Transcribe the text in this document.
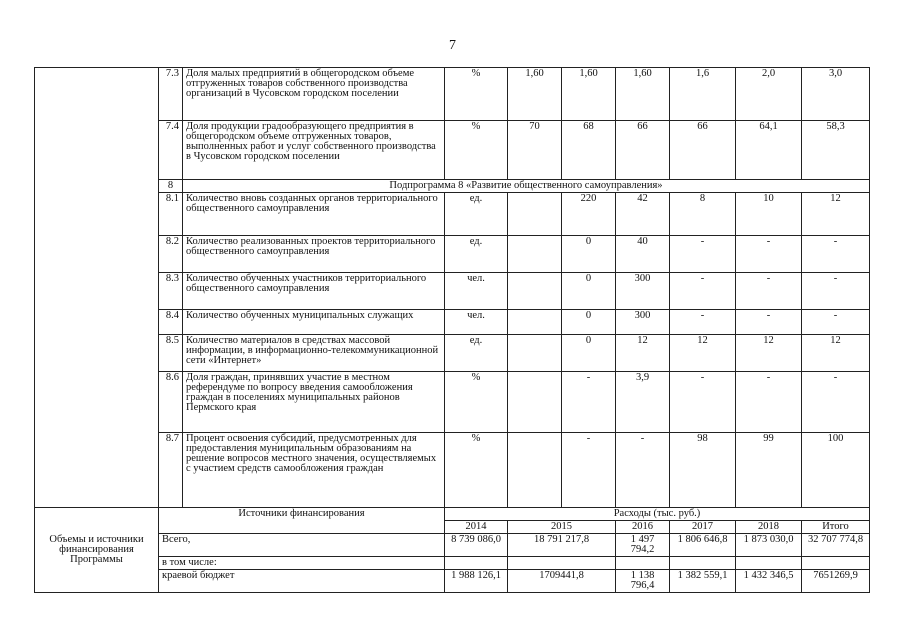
7
	7.3	Доля малых предприятий в общегородском объеме отгруженных товаров собственного производства организаций в Чусовском городском поселении	%	1,60	1,60	1,60	1,6	2,0	3,0
	7.4	Доля продукции градообразующего предприятия в общегородском объеме отгруженных товаров, выполненных работ и услуг собственного производства в Чусовском городском поселении	%	70	68	66	66	64,1	58,3
	8	Подпрограмма 8 «Развитие общественного самоуправления»							
	8.1	Количество вновь созданных органов территориального общественного самоуправления	ед.		220	42	8	10	12
	8.2	Количество реализованных проектов территориального общественного самоуправления	ед.		0	40	-	-	-
	8.3	Количество обученных участников территориального общественного самоуправления	чел.		0	300	-	-	-
	8.4	Количество обученных муниципальных служащих	чел.		0	300	-	-	-
	8.5	Количество материалов в средствах массовой информации, в информационно-телекоммуникационной сети «Интернет»	ед.		0	12	12	12	12
	8.6	Доля граждан, принявших участие в местном референдуме по вопросу введения самообложения граждан в поселениях муниципальных районов Пермского края	%		-	3,9	-	-	-
	8.7	Процент освоения субсидий, предусмотренных для предоставления муниципальным образованиям на решение вопросов местного значения, осуществляемых с участием средств самообложения граждан	%		-	-	98	99	100
Объемы и источники финансирования Программы	Источники финансирования		Расходы (тыс. руб.)						
			2014	2015		2016	2017	2018	Итого
	Всего,		8 739 086,0	18 791 217,8		1 497 794,2	1 806 646,8	1 873 030,0	32 707 774,8
	в том числе:								
	краевой бюджет		1 988 126,1	1709441,8		1 138 796,4	1 382 559,1	1 432 346,5	7651269,9
